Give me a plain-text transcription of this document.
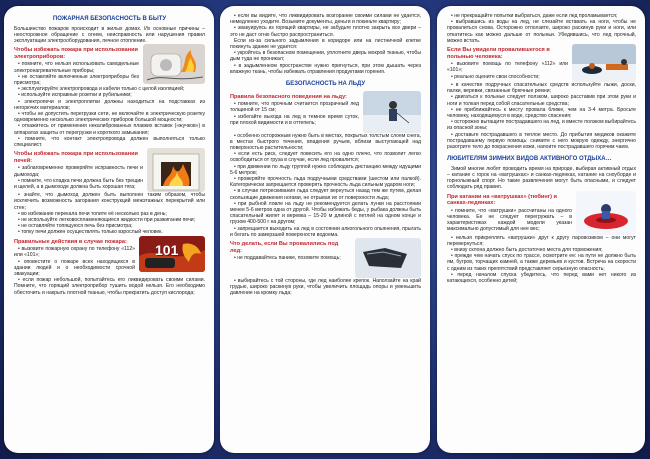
ПОЖАРНАЯ БЕЗОПАСНОСТЬ В БЫТУ

Большинство пожаров происходит в жилых домах. Их основные причины – неосторожное обращение с огнем, неисправность или нарушения правил эксплуатации электрооборудования, печное отопление.

Чтобы избежать пожара при использовании электроприборов:

• помните, что нельзя использовать самодельные электронагревательные приборы;

• не оставляйте включенные электроприборы без присмотра;

• эксплуатируйте электропровода и кабели только с целой изоляцией;

• используйте исправные розетки и рубильники;

• электропечи и электроплитки должны находиться на подставках из негорючих материалов;

• чтобы не допустить перегрузки сети, не включайте в электрическую розетку одновременно несколько электрических приборов большой мощности;

• откажитесь от применения некалиброванных плавких вставок («жучков») в аппаратах защиты от перегрузки и короткого замыкания;

• помните, что контакт электропровода должен выполняться только специалист.

Чтобы избежать пожара при использовании печей:

• заблаговременно проверяйте исправность печи и дымохода;

• помните, что кладка печи должна быть без трещин и щелей, а в дымоходе должна быть хорошая тяга;

• знайте, что дымоход должен быть выполнен таким образом, чтобы исключить возможность загорания конструкций межэтажных перекрытий или стен;

• во избежание перекала печи топите её несколько раз в день;

• не используйте легковоспламеняющиеся жидкости при разжигании печи;

• не оставляйте топящуюся печь без присмотра;

• топку печи должен осуществлять только взрослый человек.

Правильные действия в случае пожара:

• вызовите пожарную охрану по телефону «112» или «101»;

• оповестите о пожаре всех находящихся в здании людей и о необходимости срочной эвакуации;

101

• если пожар небольшой, попытайтесь его ликвидировать своими силами. Помните, что горящий электроприбор тушить водой нельзя. Его необходимо обесточить и накрыть плотной тканью, чтобы прекратить доступ кислорода;

• если вы видите, что ликвидировать возгорание своими силами не удается, немедленно уходите. Возьмите документы, деньги и покиньте квартиру;

• эвакуируясь из горящей квартиры, не забудьте плотно закрыть все двери – это не даст огню быстро распространиться.

Если из-за сильного задымления в коридоре или на лестничной клетке покинуть здание не удается:

• укройтесь в безопасном помещении, уплотните дверь мокрой тканью, чтобы дым туда не проникал;

• в задымленном пространстве нужно пригнуться, при этом дышать через влажную ткань, чтобы избежать отравления продуктами горения.

БЕЗОПАСНОСТЬ НА ЛЬДУ
Правила безопасного поведения на льду:

• помните, что прочным считается прозрачный лед толщиной от 15 см;

• избегайте выхода на лед в темное время суток, при плохой видимости и в оттепель;

• особенно осторожным нужно быть в местах, покрытых толстым слоем снега, в местах быстрого течения, впадения ручьев, вблизи выступающей над поверхностью растительности;

• если есть риск, следует повесить его на одно плечо, что позволит легко освободиться от груза в случае, если лед провалится;

• при движении по льду группой нужно соблюдать дистанцию между идущими 5-6 метров;

• проверяйте прочность льда подручными средствами (шестом или палкой). Категорически запрещается проверять прочность льда сильным ударом ноги;

• в случае потрескивания льда следует вернуться назад тем же путем, делая скользящие движения ногами, не отрывая их от поверхности льда;

• при рыбной ловле на льду не рекомендуется делать лунки на расстоянии менее 5-6 метров одна от другой. Чтобы избежать беды, у рыбака должны быть спасательный жилет и веревка – 15-20 м длиной с петлей на одном конце и грузом 400-500 г на другом;

• запрещается выходить на лед в состоянии алкогольного опьянения, прыгать и бегать по замерзшей поверхности водоема.

Что делать, если Вы провалились под лед:

• не поддавайтесь панике, позовите помощь;

• выбирайтесь с той стороны, где лед наиболее крепок. Наползайте на край грудью, широко раскинув руки, чтобы увеличить площадь опоры и уменьшить давление на кромку льда;

• не прекращайте попытки выбраться, даже если лед проламывается;

• выбравшись из воды на лед, не слезайте вставать на ноги, чтобы не провалиться снова. Осторожно отползите, широко раскинув руки и ноги, или откатитесь как можно дальше от полыньи. Убедившись, что лед прочный, можно встать.

Если Вы увидели провалившегося в полынью человека:

• вызовите помощь по телефону «112» или «101»;

• реально оцените свои способности;

• в качестве подручных спасательных средств используйте лыжи, доски, палки, веревки, связанные брючные ремни;

• двигаться к полынье следует ползком, широко расставив при этом руки и ноги и толкая перед собой спасательные средства;

• не приближайтесь к месту провала ближе, чем на 3-4 метра. Бросьте человеку, находящемуся в воде, средство спасения;

• осторожно вытащите пострадавшего на лед, и вместе ползком выбирайтесь из опасной зоны;

• доставьте пострадавшего в теплое место. До прибытия медиков окажите пострадавшему первую помощь: снимите с него мокрую одежду, энергично разотрите тело до покраснения кожи, напоите пострадавшего горячим чаем.

ЛЮБИТЕЛЯМ ЗИМНИХ ВИДОВ АКТИВНОГО ОТДЫХА…

Зимой многие любят проводить время на природе, выбирая активный отдых – катание с горок на «ватрушках» и санках-ледянках, катание на сноуборде и горнолыжный спорт. Но такие развлечения могут быть опасными, и следует соблюдать ряд правил.

При катании на «ватрушках» (тюбинг) и санках-ледянках:

• помните, что «ватрушки» рассчитаны на одного человека. Ее не следует перегружать – в характеристиках каждой модели указан максимально допустимый для нее вес;

• нельзя прикреплять «ватрушки» друг к другу паровозиком – они могут перевернуться;

• внизу склона должно быть достаточно места для торможения;

• прежде чем начать спуск по трассе, осмотрите ее: на пути не должно быть ям, бугров, торчащих камней, а также деревьев и кустов. Встреча на скорости с одним из таких препятствий представляет серьезную опасность;

• перед началом спуска убедитесь, что перед вами нет никого из катающихся, особенно детей;
